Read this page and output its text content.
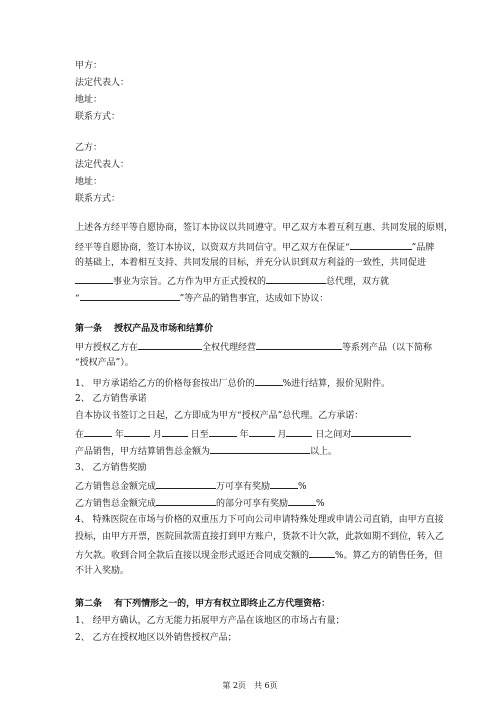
甲方：
法定代表人：
地址：
联系方式：
乙方：
法定代表人：
地址：
联系方式：
上述各方经平等自愿协商，签订本协议以共同遵守。甲乙双方本着互利互惠、共同发展的原则，
经平等自愿协商，签订本协议，以资双方共同信守。甲乙双方在保证“	”品牌
的基础上，本着相互支持、共同发展的目标，并充分认识到双方利益的一致性，共同促进
事业为宗旨。乙方作为甲方正式授权的	总代理，双方就
“	”等产品的销售事宜，达成如下协议：
第一条　 授权产品及市场和结算价
甲方授权乙方在	全权代理经营	等系列产品（以下简称
“授权产品”）。
1、 甲方承诺给乙方的价格每套按出厂总价的	%进行结算，报价见附件。
2、 乙方销售承诺
自本协议书签订之日起，乙方即成为甲方“授权产品”总代理。乙方承诺：
在	年	月	日至	年	月	日之间对
产品销售，甲方结算销售总金额为	以上。
3、 乙方销售奖励
乙方销售总金额完成	万可享有奖励	%
乙方销售总金额完成	的部分可享有奖励	%
4、 特殊医院在市场与价格的双重压力下可向公司申请特殊处理或申请公司直销，由甲方直接
投标，由甲方开票，医院回款需直接打到甲方账户，货款不计欠款，此款如期不到位，转入乙
方欠款。收到合同全款后直接以现金形式返还合同成交额的	%。算乙方的销售任务，但
不计入奖励。
第二条　 有下列情形之一的，甲方有权立即终止乙方代理资格：
1、 经甲方确认，乙方无能力拓展甲方产品在该地区的市场占有量；
2、 乙方在授权地区以外销售授权产品；
第 2页　共 6页
